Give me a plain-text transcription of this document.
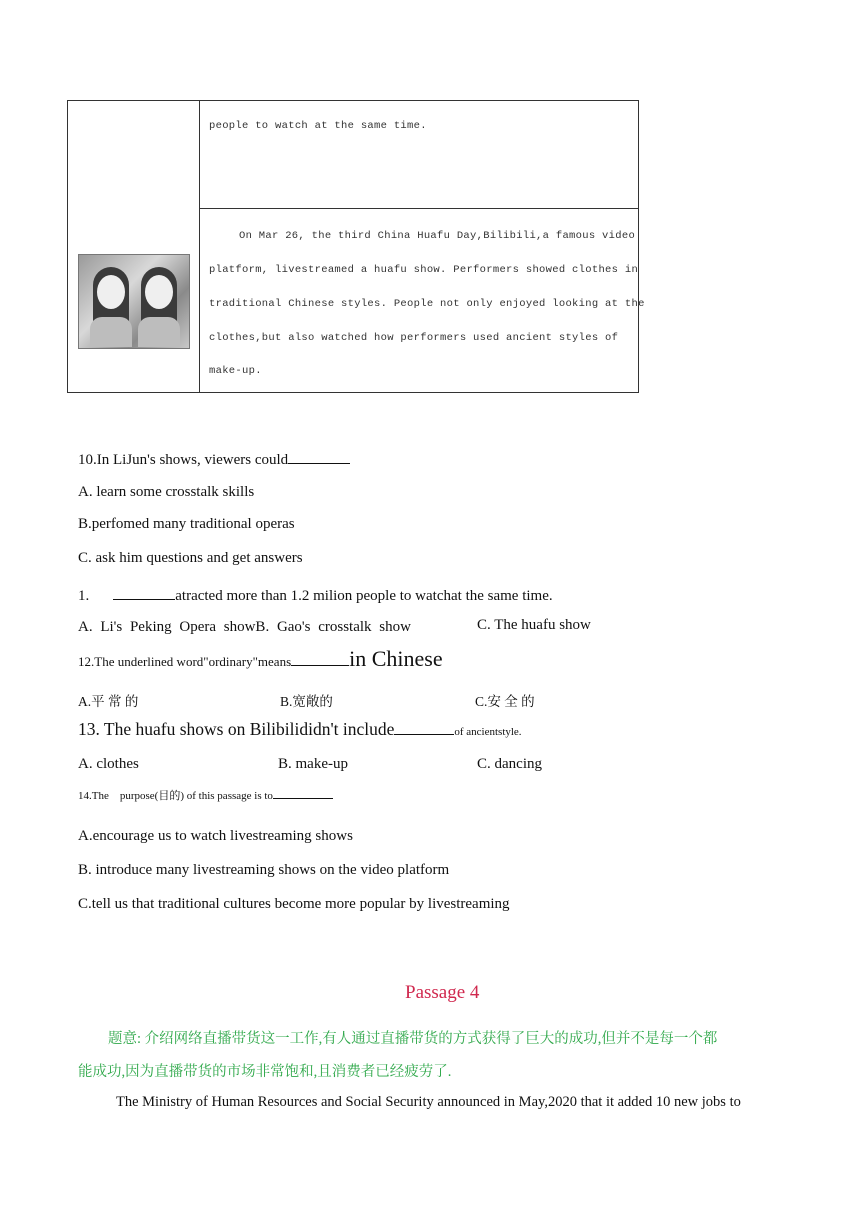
people to watch at the same time.
On Mar 26, the third China Huafu Day,Bilibili,a famous video
platform, livestreamed a huafu show. Performers showed clothes in
traditional Chinese styles. People not only enjoyed looking at the
clothes,but also watched how performers used ancient styles of
make-up.
10.In LiJun's shows, viewers could
A. learn some crosstalk skills
B.perfomed many traditional operas
C. ask him questions and get answers
1.	atracted more than 1.2 milion people to watchat the same time.
A. Li's Peking Opera showB. Gao's crosstalk show	C. The huafu show
12.The underlined word"ordinary"means	in Chinese
A.平 常 的	B.宽敞的	C.安 全 的
13. The huafu shows on Bilibilididn't include	of ancientstyle.
A. clothes	B. make-up	C. dancing
14.The    purpose(目的) of this passage is to
A.encourage us to watch livestreaming shows
B. introduce many livestreaming shows on the video platform
C.tell us that traditional cultures become more popular by livestreaming
Passage 4
题意: 介绍网络直播带货这一工作,有人通过直播带货的方式获得了巨大的成功,但并不是每一个都
能成功,因为直播带货的市场非常饱和,且消费者已经疲劳了.
The Ministry of Human Resources and Social Security announced in May,2020 that it added 10 new jobs to
